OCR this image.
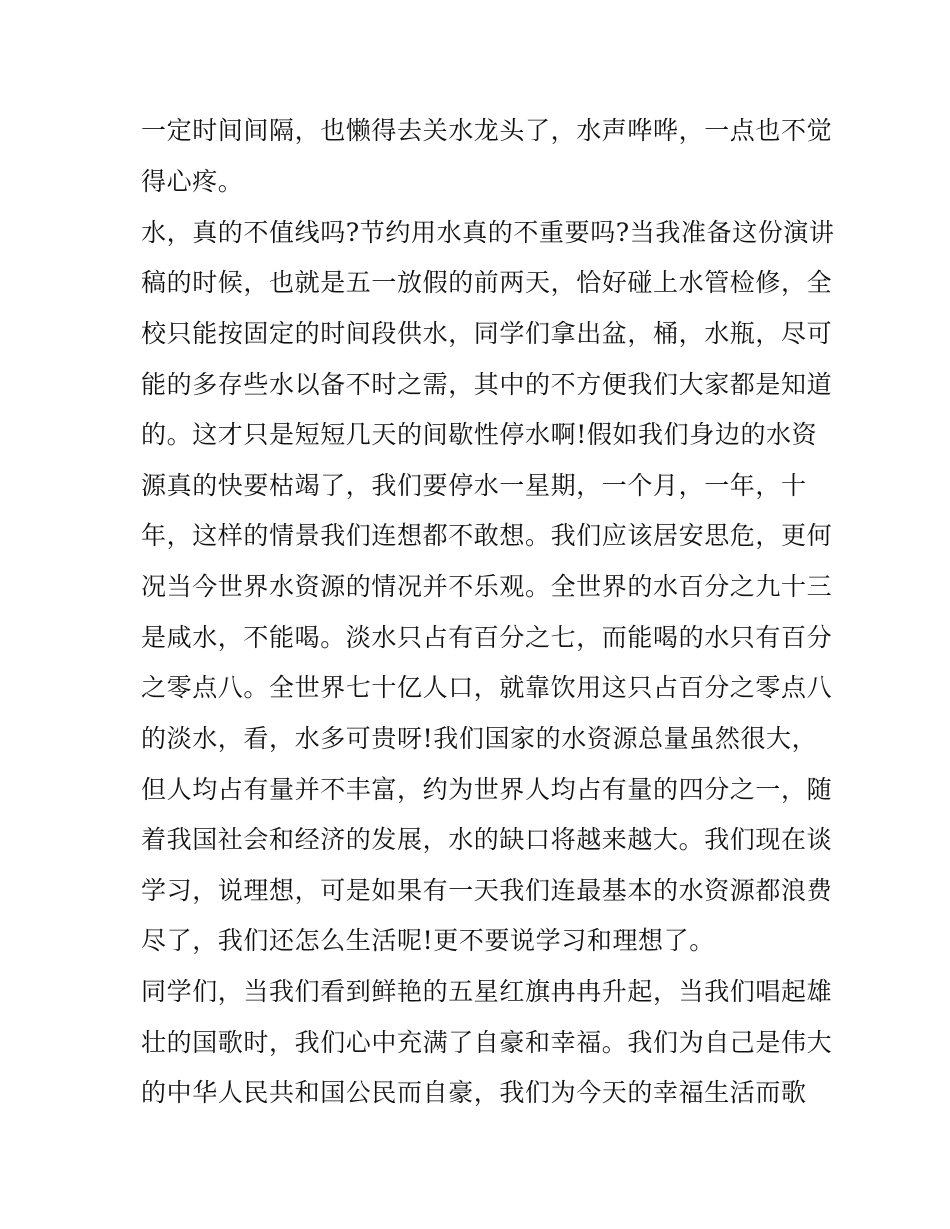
一定时间间隔，也懒得去关水龙头了，水声哗哗，一点也不觉
得心疼。
水，真的不值线吗?节约用水真的不重要吗?当我准备这份演讲
稿的时候，也就是五一放假的前两天，恰好碰上水管检修，全
校只能按固定的时间段供水，同学们拿出盆，桶，水瓶，尽可
能的多存些水以备不时之需，其中的不方便我们大家都是知道
的。这才只是短短几天的间歇性停水啊!假如我们身边的水资
源真的快要枯竭了，我们要停水一星期，一个月，一年，十
年，这样的情景我们连想都不敢想。我们应该居安思危，更何
况当今世界水资源的情况并不乐观。全世界的水百分之九十三
是咸水，不能喝。淡水只占有百分之七，而能喝的水只有百分
之零点八。全世界七十亿人口，就靠饮用这只占百分之零点八
的淡水，看，水多可贵呀!我们国家的水资源总量虽然很大，
但人均占有量并不丰富，约为世界人均占有量的四分之一，随
着我国社会和经济的发展，水的缺口将越来越大。我们现在谈
学习，说理想，可是如果有一天我们连最基本的水资源都浪费
尽了，我们还怎么生活呢!更不要说学习和理想了。
同学们，当我们看到鲜艳的五星红旗冉冉升起，当我们唱起雄
壮的国歌时，我们心中充满了自豪和幸福。我们为自己是伟大
的中华人民共和国公民而自豪，我们为今天的幸福生活而歌
